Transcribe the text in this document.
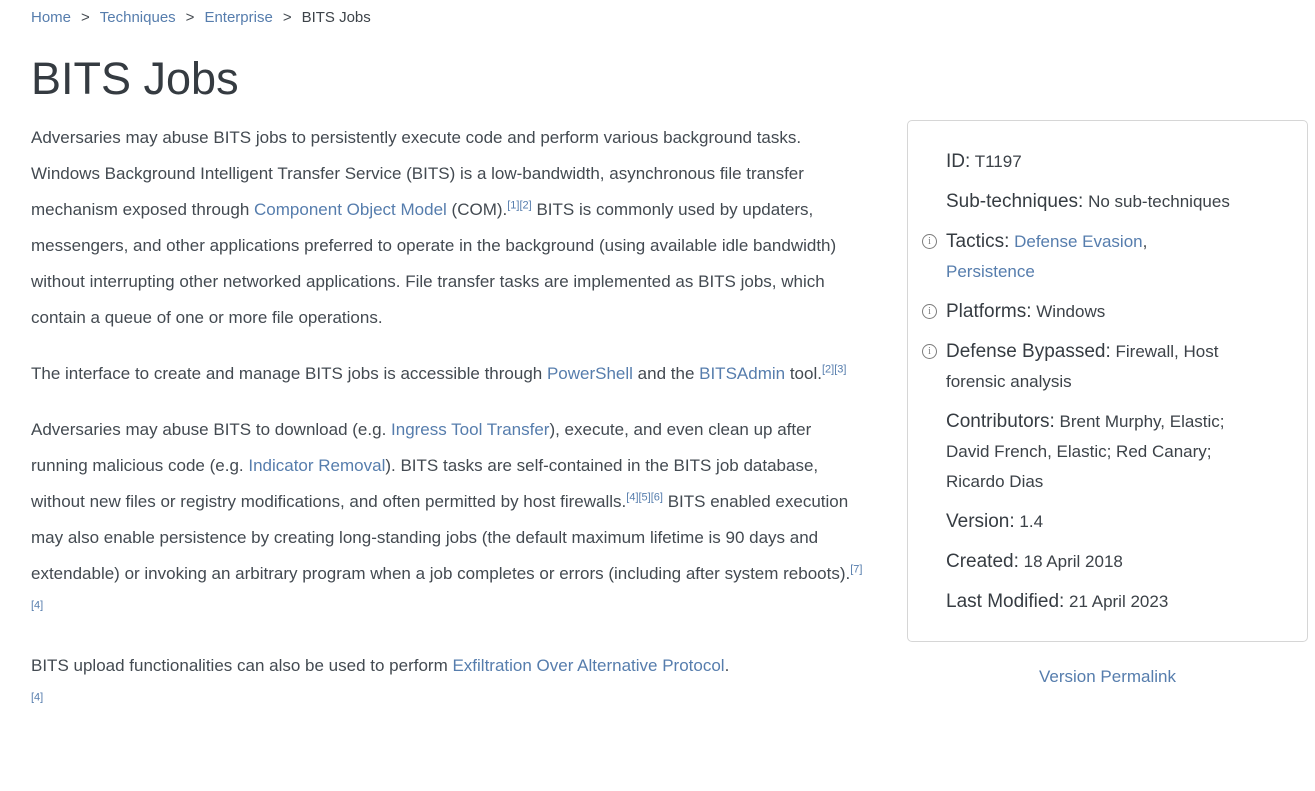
Home > Techniques > Enterprise > BITS Jobs
BITS Jobs

Adversaries may abuse BITS jobs to persistently execute code and perform various background tasks. Windows Background Intelligent Transfer Service (BITS) is a low-bandwidth, asynchronous file transfer mechanism exposed through Component Object Model (COM).[1][2] BITS is commonly used by updaters, messengers, and other applications preferred to operate in the background (using available idle bandwidth) without interrupting other networked applications. File transfer tasks are implemented as BITS jobs, which contain a queue of one or more file operations.

The interface to create and manage BITS jobs is accessible through PowerShell and the BITSAdmin tool.[2][3]

Adversaries may abuse BITS to download (e.g. Ingress Tool Transfer), execute, and even clean up after running malicious code (e.g. Indicator Removal). BITS tasks are self-contained in the BITS job database, without new files or registry modifications, and often permitted by host firewalls.[4][5][6] BITS enabled execution may also enable persistence by creating long-standing jobs (the default maximum lifetime is 90 days and extendable) or invoking an arbitrary program when a job completes or errors (including after system reboots).[7][4]

BITS upload functionalities can also be used to perform Exfiltration Over Alternative Protocol.
[4]

ID: T1197
Sub-techniques: No sub-techniques
i Tactics: Defense Evasion,
Persistence
i Platforms: Windows
i Defense Bypassed: Firewall, Host
forensic analysis
Contributors: Brent Murphy, Elastic;
David French, Elastic; Red Canary;
Ricardo Dias
Version: 1.4
Created: 18 April 2018
Last Modified: 21 April 2023
Version Permalink
